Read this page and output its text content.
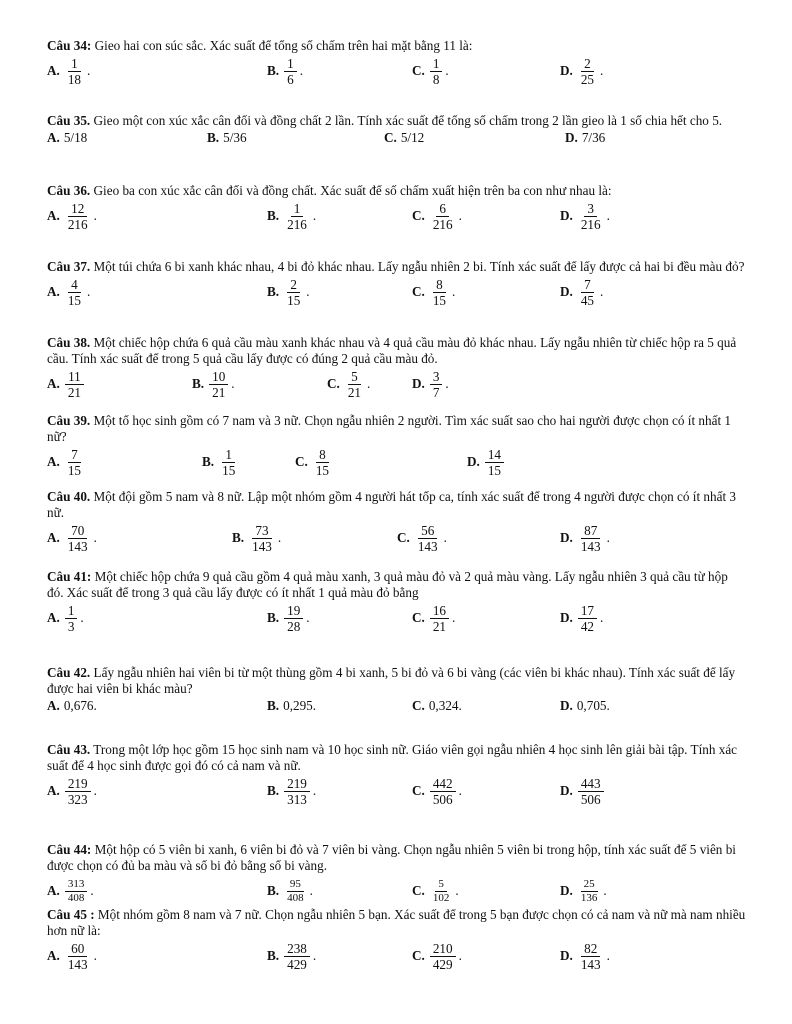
Câu 34: Gieo hai con súc sắc. Xác suất để tổng số chấm trên hai mặt bằng 11 là:

A. $\frac{1}{18}$ .	B. $\frac{1}{6}$ .	C. $\frac{1}{8}$ .	D. $\frac{2}{25}$ .

Câu 35. Gieo một con xúc xắc cân đối và đồng chất 2 lần. Tính xác suất để tổng số chấm trong 2 lần gieo là 1 số chia hết cho 5.

A. 5/18	B. 5/36	C. 5/12	D. 7/36

Câu 36. Gieo ba con xúc xắc cân đối và đồng chất. Xác suất để số chấm xuất hiện trên ba con như nhau là:

A. $\frac{12}{216}$ .	B. $\frac{1}{216}$ .	C. $\frac{6}{216}$ .	D. $\frac{3}{216}$ .

Câu 37. Một túi chứa 6 bi xanh khác nhau, 4 bi đỏ khác nhau. Lấy ngẫu nhiên 2 bi. Tính xác suất để lấy được cả hai bi đều màu đỏ?

A. $\frac{4}{15}$ .	B. $\frac{2}{15}$ .	C. $\frac{8}{15}$ .	D. $\frac{7}{45}$ .

Câu 38. Một chiếc hộp chứa 6 quả cầu màu xanh khác nhau và 4 quả cầu màu đỏ khác nhau. Lấy ngẫu nhiên từ chiếc hộp ra 5 quả cầu. Tính xác suất để trong 5 quả cầu lấy được có đúng 2 quả cầu màu đỏ.

A. $\frac{11}{21}$	B. $\frac{10}{21}$ .	C. $\frac{5}{21}$ .	D. $\frac{3}{7}$ .

Câu 39. Một tổ học sinh gồm có 7 nam và 3 nữ. Chọn ngẫu nhiên 2 người. Tìm xác suất sao cho hai người được chọn có ít nhất 1 nữ?

A. $\frac{7}{15}$	B. $\frac{1}{15}$	C. $\frac{8}{15}$	D. $\frac{14}{15}$

Câu 40. Một đội gồm 5 nam và 8 nữ. Lập một nhóm gồm 4 người hát tốp ca, tính xác suất để trong 4 người được chọn có ít nhất 3 nữ.

A. $\frac{70}{143}$ .	B. $\frac{73}{143}$ .	C. $\frac{56}{143}$ .	D. $\frac{87}{143}$ .

Câu 41: Một chiếc hộp chứa 9 quả cầu gồm 4 quả màu xanh, 3 quả màu đỏ và 2 quả màu vàng. Lấy ngẫu nhiên 3 quả cầu từ hộp đó. Xác suất để trong 3 quả cầu lấy được có ít nhất 1 quả màu đỏ bằng

A. $\frac{1}{3}$ .	B. $\frac{19}{28}$ .	C. $\frac{16}{21}$ .	D. $\frac{17}{42}$ .

Câu 42. Lấy ngẫu nhiên hai viên bi từ một thùng gồm 4 bi xanh, 5 bi đỏ và 6 bi vàng (các viên bi khác nhau). Tính xác suất để lấy được hai viên bi khác màu?

A. 0,676.	B. 0,295.	C. 0,324.	D. 0,705.

Câu 43. Trong một lớp học gồm 15 học sinh nam và 10 học sinh nữ. Giáo viên gọi ngẫu nhiên 4 học sinh lên giải bài tập. Tính xác suất để 4 học sinh được gọi đó có cả nam và nữ.

A. $\frac{219}{323}$ .	B. $\frac{219}{313}$ .	C. $\frac{442}{506}$ .	D. $\frac{443}{506}$

Câu 44: Một hộp có 5 viên bi xanh, 6 viên bi đỏ và 7 viên bi vàng. Chọn ngẫu nhiên 5 viên bi trong hộp, tính xác suất để 5 viên bi được chọn có đủ ba màu và số bi đỏ bằng số bi vàng.

A. $\frac{313}{408}$ .	B. $\frac{95}{408}$ .	C. $\frac{5}{102}$ .	D. $\frac{25}{136}$ .

Câu 45 : Một nhóm gồm 8 nam và 7 nữ. Chọn ngẫu nhiên 5 bạn. Xác suất để trong 5 bạn được chọn có cả nam và nữ mà nam nhiều hơn nữ là:

A. $\frac{60}{143}$ .	B. $\frac{238}{429}$ .	C. $\frac{210}{429}$ .	D. $\frac{82}{143}$ .
